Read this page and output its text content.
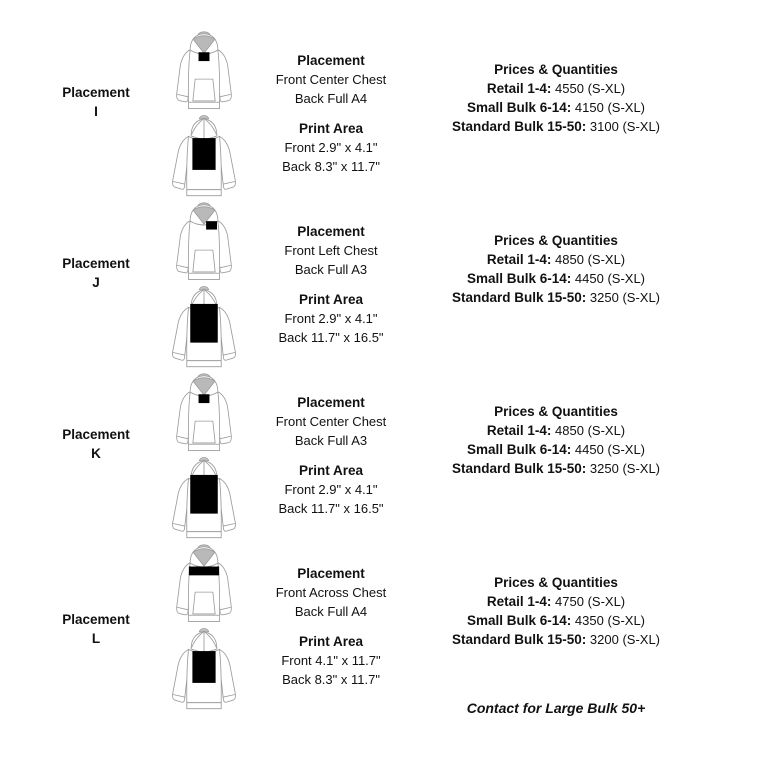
Placement
I
Placement
Front Center Chest
Back Full A4
Print Area
Front 2.9" x 4.1"
Back 8.3" x 11.7"
Prices & Quantities
Retail 1-4: 4550 (S-XL)
Small Bulk 6-14: 4150 (S-XL)
Standard Bulk 15-50: 3100 (S-XL)
Placement
J
Placement
Front Left Chest
Back Full A3
Print Area
Front 2.9" x 4.1"
Back 11.7" x 16.5"
Prices & Quantities
Retail 1-4: 4850 (S-XL)
Small Bulk 6-14: 4450 (S-XL)
Standard Bulk 15-50: 3250 (S-XL)
Placement
K
Placement
Front Center Chest
Back Full A3
Print Area
Front 2.9" x 4.1"
Back 11.7" x 16.5"
Prices & Quantities
Retail 1-4: 4850 (S-XL)
Small Bulk 6-14: 4450 (S-XL)
Standard Bulk 15-50: 3250 (S-XL)
Placement
L
Placement
Front Across Chest
Back Full A4
Print Area
Front 4.1" x 11.7"
Back 8.3" x 11.7"
Prices & Quantities
Retail 1-4: 4750 (S-XL)
Small Bulk 6-14: 4350 (S-XL)
Standard Bulk 15-50: 3200 (S-XL)
Contact for Large Bulk 50+
